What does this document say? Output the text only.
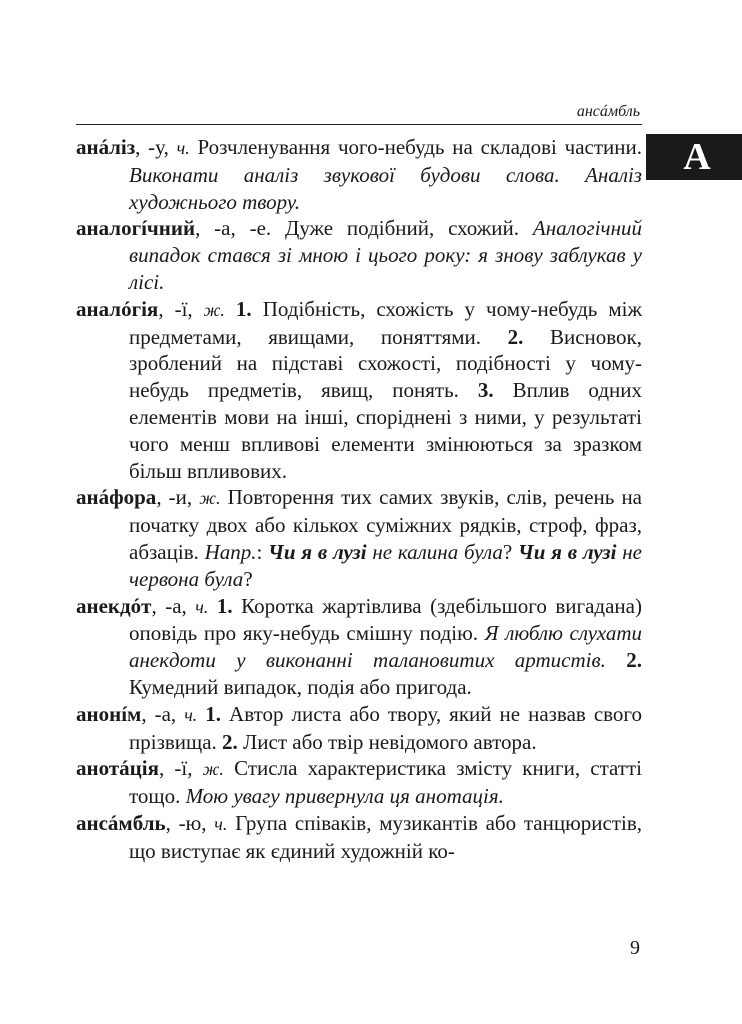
ансáмбль
А

анáліз, -у, ч. Розчленування чого-небудь на складові частини. Виконати аналіз звукової будови слова. Аналіз художнього твору.

аналогíчний, -а, -е. Дуже подібний, схожий. Аналогічний випадок стався зі мною і цього року: я знову заблукав у лісі.

аналóгія, -ї, ж. 1. Подібність, схожість у чому-небудь між предметами, явищами, поняттями. 2. Висновок, зроблений на підставі схожості, подібності у чому-небудь предметів, явищ, понять. 3. Вплив одних елементів мови на інші, споріднені з ними, у результаті чого менш впливові елементи змінюються за зразком більш впливових.

анáфора, -и, ж. Повторення тих самих звуків, слів, речень на початку двох або кількох суміжних рядків, строф, фраз, абзаців. Напр.: Чи я в лузі не калина була? Чи я в лузі не червона була?

анекдóт, -а, ч. 1. Коротка жартівлива (здебільшого вигадана) оповідь про яку-небудь смішну подію. Я люблю слухати анекдоти у виконанні талановитих артистів. 2. Кумедний випадок, подія або пригода.

анонíм, -а, ч. 1. Автор листа або твору, який не назвав свого прізвища. 2. Лист або твір невідомого автора.

анотáція, -ї, ж. Стисла характеристика змісту книги, статті тощо. Мою увагу привернула ця анотація.

ансáмбль, -ю, ч. Група співаків, музикантів або танцюристів, що виступає як єдиний художній ко-

9
